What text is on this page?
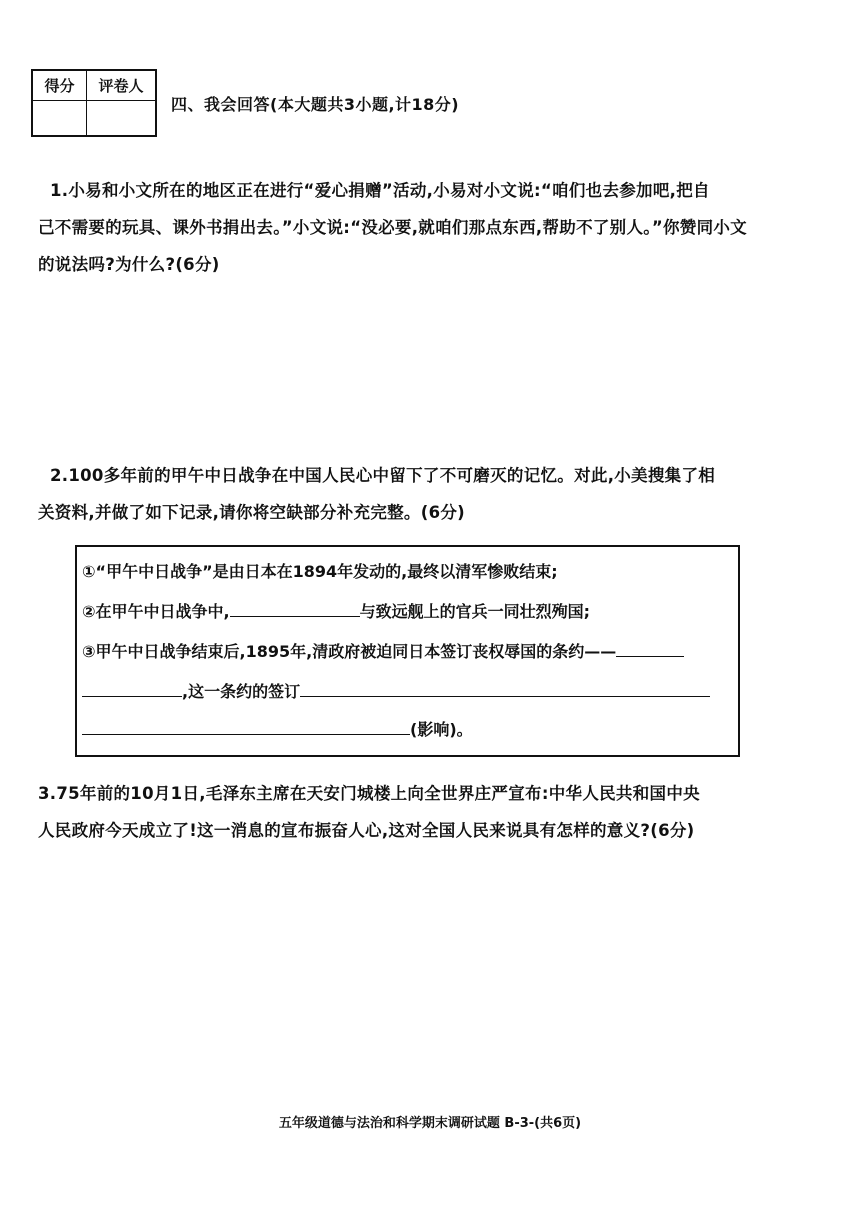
得分	评卷人
四、我会回答(本大题共3小题,计18分)
1.小易和小文所在的地区正在进行“爱心捐赠”活动,小易对小文说:“咱们也去参加吧,把自
己不需要的玩具、课外书捐出去。”小文说:“没必要,就咱们那点东西,帮助不了别人。”你赞同小文
的说法吗?为什么?(6分)
2.100多年前的甲午中日战争在中国人民心中留下了不可磨灭的记忆。对此,小美搜集了相
关资料,并做了如下记录,请你将空缺部分补充完整。(6分)
①“甲午中日战争”是由日本在1894年发动的,最终以清军惨败结束;
②在甲午中日战争中,	与致远舰上的官兵一同壮烈殉国;
③甲午中日战争结束后,1895年,清政府被迫同日本签订丧权辱国的条约——
,这一条约的签订
(影响)。
3.75年前的10月1日,毛泽东主席在天安门城楼上向全世界庄严宣布:中华人民共和国中央
人民政府今天成立了!这一消息的宣布振奋人心,这对全国人民来说具有怎样的意义?(6分)
五年级道德与法治和科学期末调研试题 B-3-(共6页)
